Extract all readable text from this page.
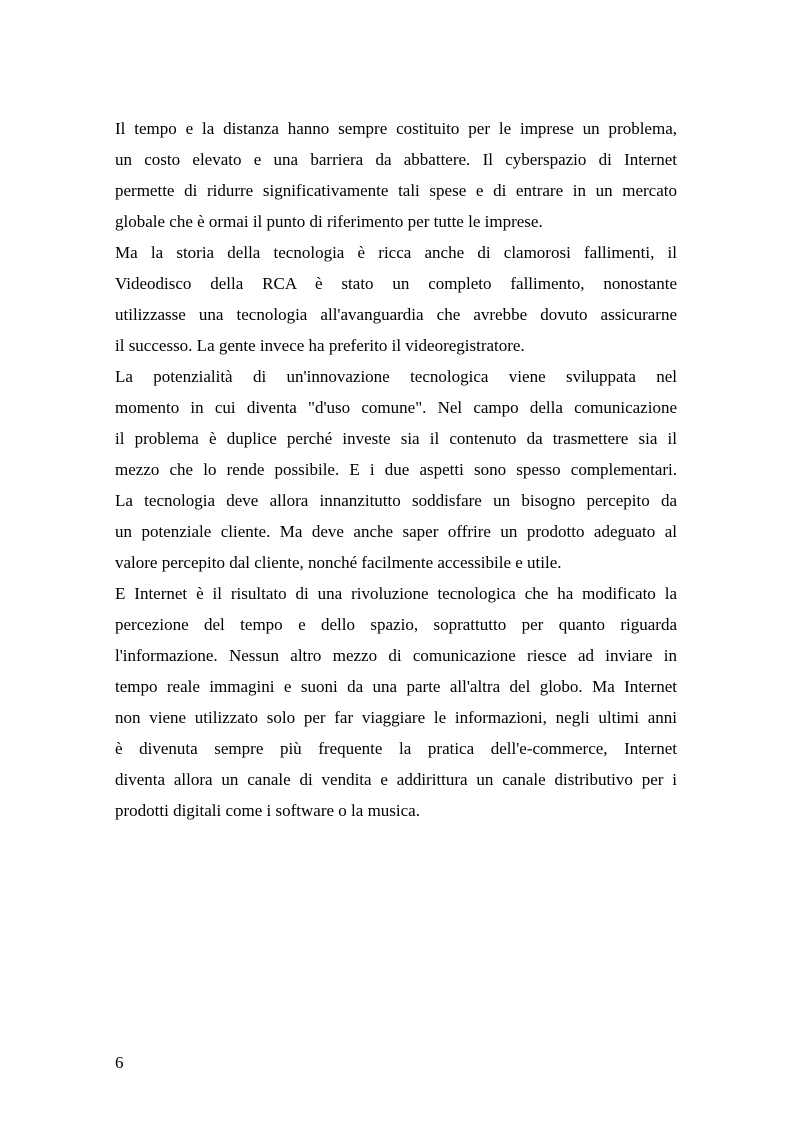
Il tempo e la distanza hanno sempre costituito per le imprese un problema,
un costo elevato e una barriera da abbattere. Il cyberspazio di Internet
permette di ridurre significativamente tali spese e di entrare in un mercato
globale che è ormai il punto di riferimento per tutte le imprese.

Ma la storia della tecnologia è ricca anche di clamorosi fallimenti, il
Videodisco della RCA è stato un completo fallimento, nonostante
utilizzasse una tecnologia all'avanguardia che avrebbe dovuto assicurarne
il successo. La gente invece ha preferito il videoregistratore.

La potenzialità di un'innovazione tecnologica viene sviluppata nel
momento in cui diventa "d'uso comune". Nel campo della comunicazione
il problema è duplice perché investe sia il contenuto da trasmettere sia il
mezzo che lo rende possibile. E i due aspetti sono spesso complementari.
La tecnologia deve allora innanzitutto soddisfare un bisogno percepito da
un potenziale cliente. Ma deve anche saper offrire un prodotto adeguato al
valore percepito dal cliente, nonché facilmente accessibile e utile.

E Internet è il risultato di una rivoluzione tecnologica che ha modificato la
percezione del tempo e dello spazio, soprattutto per quanto riguarda
l'informazione. Nessun altro mezzo di comunicazione riesce ad inviare in
tempo reale immagini e suoni da una parte all'altra del globo. Ma Internet
non viene utilizzato solo per far viaggiare le informazioni, negli ultimi anni
è divenuta sempre più frequente la pratica dell'e-commerce, Internet
diventa allora un canale di vendita e addirittura un canale distributivo per i
prodotti digitali come i software o la musica.

6
